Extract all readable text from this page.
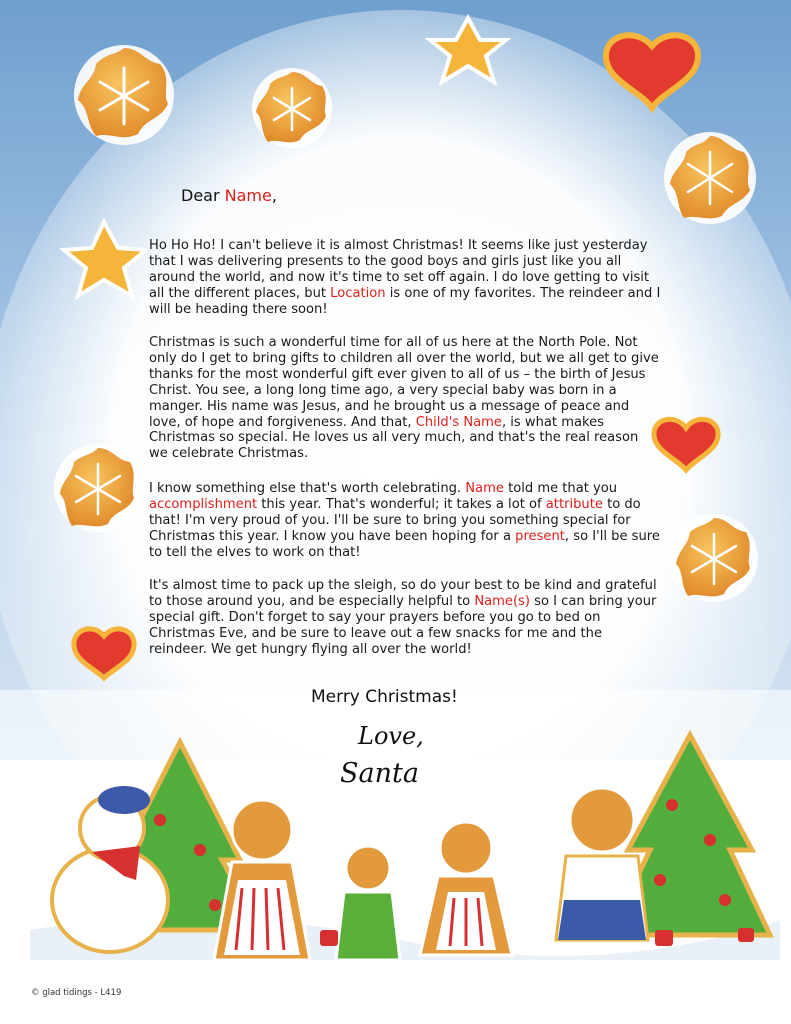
Dear Name,

Ho Ho Ho! I can't believe it is almost Christmas! It seems like just yesterday that I was delivering presents to the good boys and girls just like you all around the world, and now it's time to set off again. I do love getting to visit all the different places, but Location is one of my favorites. The reindeer and I will be heading there soon!

Christmas is such a wonderful time for all of us here at the North Pole. Not only do I get to bring gifts to children all over the world, but we all get to give thanks for the most wonderful gift ever given to all of us – the birth of Jesus Christ. You see, a long long time ago, a very special baby was born in a manger. His name was Jesus, and he brought us a message of peace and love, of hope and forgiveness. And that, Child's Name, is what makes Christmas so special. He loves us all very much, and that's the real reason we celebrate Christmas.

I know something else that's worth celebrating. Name told me that you accomplishment this year. That's wonderful; it takes a lot of attribute to do that! I'm very proud of you. I'll be sure to bring you something special for Christmas this year. I know you have been hoping for a present, so I'll be sure to tell the elves to work on that!

It's almost time to pack up the sleigh, so do your best to be kind and grateful to those around you, and be especially helpful to Name(s) so I can bring your special gift. Don't forget to say your prayers before you go to bed on Christmas Eve, and be sure to leave out a few snacks for me and the reindeer. We get hungry flying all over the world!

Merry Christmas!
Love,
Santa
© glad tidings - L419
